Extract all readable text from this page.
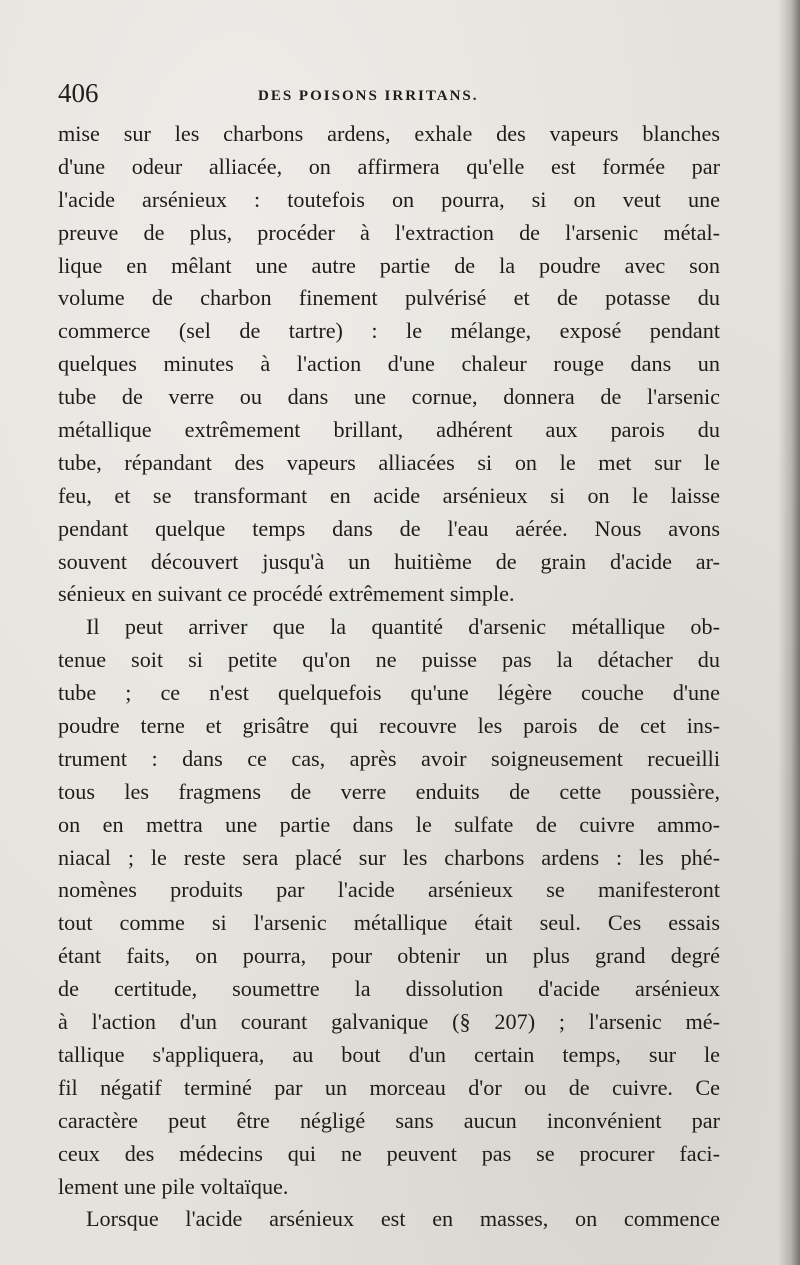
406	DES POISONS IRRITANS.
mise sur les charbons ardens, exhale des vapeurs blanches
d'une odeur alliacée, on affirmera qu'elle est formée par
l'acide arsénieux : toutefois on pourra, si on veut une
preuve de plus, procéder à l'extraction de l'arsenic métal-
lique en mêlant une autre partie de la poudre avec son
volume de charbon finement pulvérisé et de potasse du
commerce (sel de tartre) : le mélange, exposé pendant
quelques minutes à l'action d'une chaleur rouge dans un
tube de verre ou dans une cornue, donnera de l'arsenic
métallique extrêmement brillant, adhérent aux parois du
tube, répandant des vapeurs alliacées si on le met sur le
feu, et se transformant en acide arsénieux si on le laisse
pendant quelque temps dans de l'eau aérée. Nous avons
souvent découvert jusqu'à un huitième de grain d'acide ar-
sénieux en suivant ce procédé extrêmement simple.
Il peut arriver que la quantité d'arsenic métallique ob-
tenue soit si petite qu'on ne puisse pas la détacher du
tube ; ce n'est quelquefois qu'une légère couche d'une
poudre terne et grisâtre qui recouvre les parois de cet ins-
trument : dans ce cas, après avoir soigneusement recueilli
tous les fragmens de verre enduits de cette poussière,
on en mettra une partie dans le sulfate de cuivre ammo-
niacal ; le reste sera placé sur les charbons ardens : les phé-
nomènes produits par l'acide arsénieux se manifesteront
tout comme si l'arsenic métallique était seul. Ces essais
étant faits, on pourra, pour obtenir un plus grand degré
de certitude, soumettre la dissolution d'acide arsénieux
à l'action d'un courant galvanique (§ 207) ; l'arsenic mé-
tallique s'appliquera, au bout d'un certain temps, sur le
fil négatif terminé par un morceau d'or ou de cuivre. Ce
caractère peut être négligé sans aucun inconvénient par
ceux des médecins qui ne peuvent pas se procurer faci-
lement une pile voltaïque.
Lorsque l'acide arsénieux est en masses, on commence
